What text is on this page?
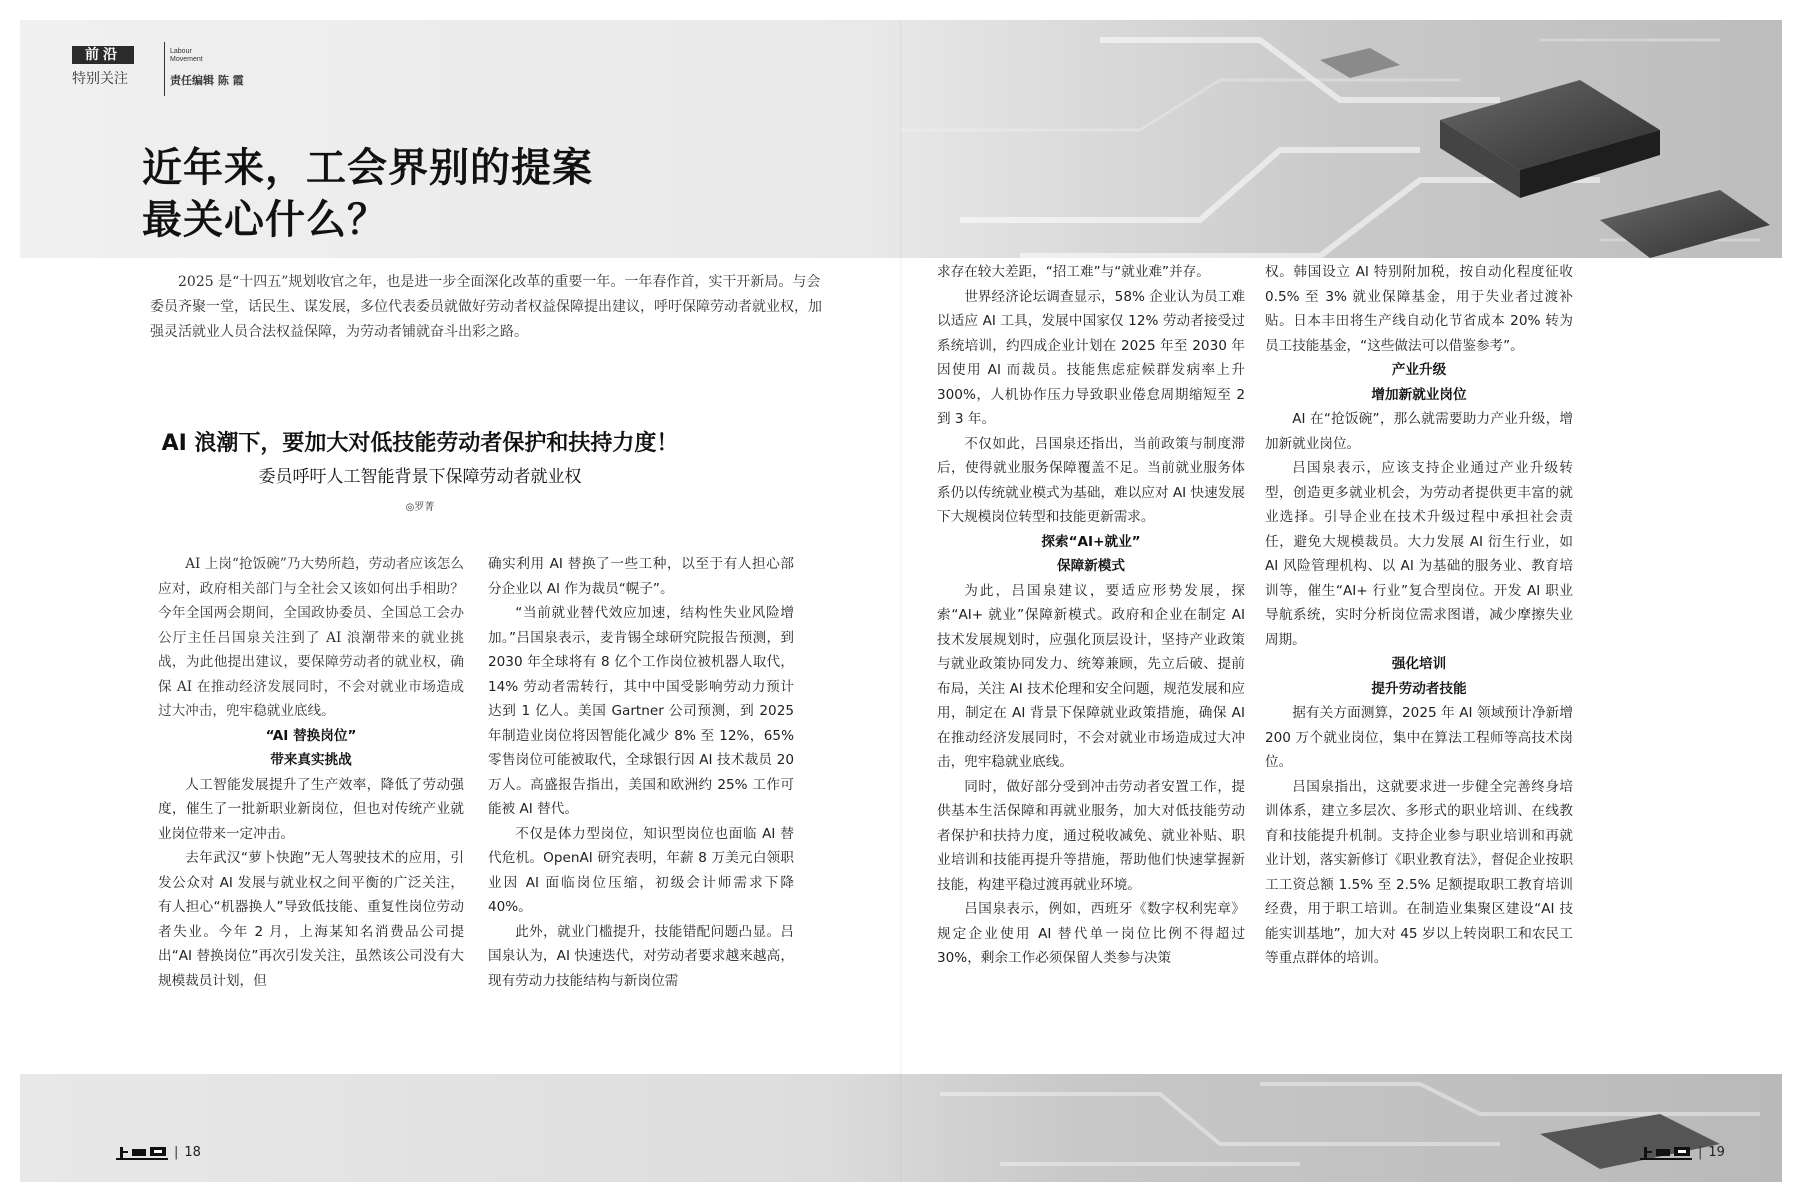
前沿
特别关注
Labour
Movement
责任编辑 陈 霞
近年来，工会界别的提案
最关心什么？
2025 是“十四五”规划收官之年，也是进一步全面深化改革的重要一年。一年春作首，实干开新局。与会委员齐聚一堂，话民生、谋发展，多位代表委员就做好劳动者权益保障提出建议，呼吁保障劳动者就业权，加强灵活就业人员合法权益保障，为劳动者铺就奋斗出彩之路。
AI 浪潮下，要加大对低技能劳动者保护和扶持力度！
委员呼吁人工智能背景下保障劳动者就业权
◎罗菁

AI 上岗“抢饭碗”乃大势所趋，劳动者应该怎么应对，政府相关部门与全社会又该如何出手相助？今年全国两会期间，全国政协委员、全国总工会办公厅主任吕国泉关注到了 AI 浪潮带来的就业挑战，为此他提出建议，要保障劳动者的就业权，确保 AI 在推动经济发展同时，不会对就业市场造成过大冲击，兜牢稳就业底线。

“AI 替换岗位”

带来真实挑战

人工智能发展提升了生产效率，降低了劳动强度，催生了一批新职业新岗位，但也对传统产业就业岗位带来一定冲击。

去年武汉“萝卜快跑”无人驾驶技术的应用，引发公众对 AI 发展与就业权之间平衡的广泛关注，有人担心“机器换人”导致低技能、重复性岗位劳动者失业。今年 2 月，上海某知名消费品公司提出“AI 替换岗位”再次引发关注，虽然该公司没有大规模裁员计划，但

确实利用 AI 替换了一些工种，以至于有人担心部分企业以 AI 作为裁员“幌子”。

“当前就业替代效应加速，结构性失业风险增加。”吕国泉表示，麦肯锡全球研究院报告预测，到 2030 年全球将有 8 亿个工作岗位被机器人取代，14% 劳动者需转行，其中中国受影响劳动力预计达到 1 亿人。美国 Gartner 公司预测，到 2025 年制造业岗位将因智能化减少 8% 至 12%，65% 零售岗位可能被取代，全球银行因 AI 技术裁员 20 万人。高盛报告指出，美国和欧洲约 25% 工作可能被 AI 替代。

不仅是体力型岗位，知识型岗位也面临 AI 替代危机。OpenAI 研究表明，年薪 8 万美元白领职业因 AI 面临岗位压缩，初级会计师需求下降 40%。

此外，就业门槛提升，技能错配问题凸显。吕国泉认为，AI 快速迭代，对劳动者要求越来越高，现有劳动力技能结构与新岗位需

求存在较大差距，“招工难”与“就业难”并存。

世界经济论坛调查显示，58% 企业认为员工难以适应 AI 工具，发展中国家仅 12% 劳动者接受过系统培训，约四成企业计划在 2025 年至 2030 年因使用 AI 而裁员。技能焦虑症候群发病率上升 300%，人机协作压力导致职业倦怠周期缩短至 2 到 3 年。

不仅如此，吕国泉还指出，当前政策与制度滞后，使得就业服务保障覆盖不足。当前就业服务体系仍以传统就业模式为基础，难以应对 AI 快速发展下大规模岗位转型和技能更新需求。

探索“AI+就业”

保障新模式

为此，吕国泉建议，要适应形势发展，探索“AI+ 就业”保障新模式。政府和企业在制定 AI 技术发展规划时，应强化顶层设计，坚持产业政策与就业政策协同发力、统筹兼顾，先立后破、提前布局，关注 AI 技术伦理和安全问题，规范发展和应用，制定在 AI 背景下保障就业政策措施，确保 AI 在推动经济发展同时，不会对就业市场造成过大冲击，兜牢稳就业底线。

同时，做好部分受到冲击劳动者安置工作，提供基本生活保障和再就业服务，加大对低技能劳动者保护和扶持力度，通过税收减免、就业补贴、职业培训和技能再提升等措施，帮助他们快速掌握新技能，构建平稳过渡再就业环境。

吕国泉表示，例如，西班牙《数字权利宪章》规定企业使用 AI 替代单一岗位比例不得超过 30%，剩余工作必须保留人类参与决策

权。韩国设立 AI 特别附加税，按自动化程度征收 0.5% 至 3% 就业保障基金，用于失业者过渡补贴。日本丰田将生产线自动化节省成本 20% 转为员工技能基金，“这些做法可以借鉴参考”。

产业升级

增加新就业岗位

AI 在“抢饭碗”，那么就需要助力产业升级，增加新就业岗位。

吕国泉表示，应该支持企业通过产业升级转型，创造更多就业机会，为劳动者提供更丰富的就业选择。引导企业在技术升级过程中承担社会责任，避免大规模裁员。大力发展 AI 衍生行业，如 AI 风险管理机构、以 AI 为基础的服务业、教育培训等，催生“AI+ 行业”复合型岗位。开发 AI 职业导航系统，实时分析岗位需求图谱，减少摩擦失业周期。

强化培训

提升劳动者技能

据有关方面测算，2025 年 AI 领域预计净新增 200 万个就业岗位，集中在算法工程师等高技术岗位。

吕国泉指出，这就要求进一步健全完善终身培训体系，建立多层次、多形式的职业培训、在线教育和技能提升机制。支持企业参与职业培训和再就业计划，落实新修订《职业教育法》，督促企业按职工工资总额 1.5% 至 2.5% 足额提取职工教育培训经费，用于职工培训。在制造业集聚区建设“AI 技能实训基地”，加大对 45 岁以上转岗职工和农民工等重点群体的培训。

| 18	| 19
